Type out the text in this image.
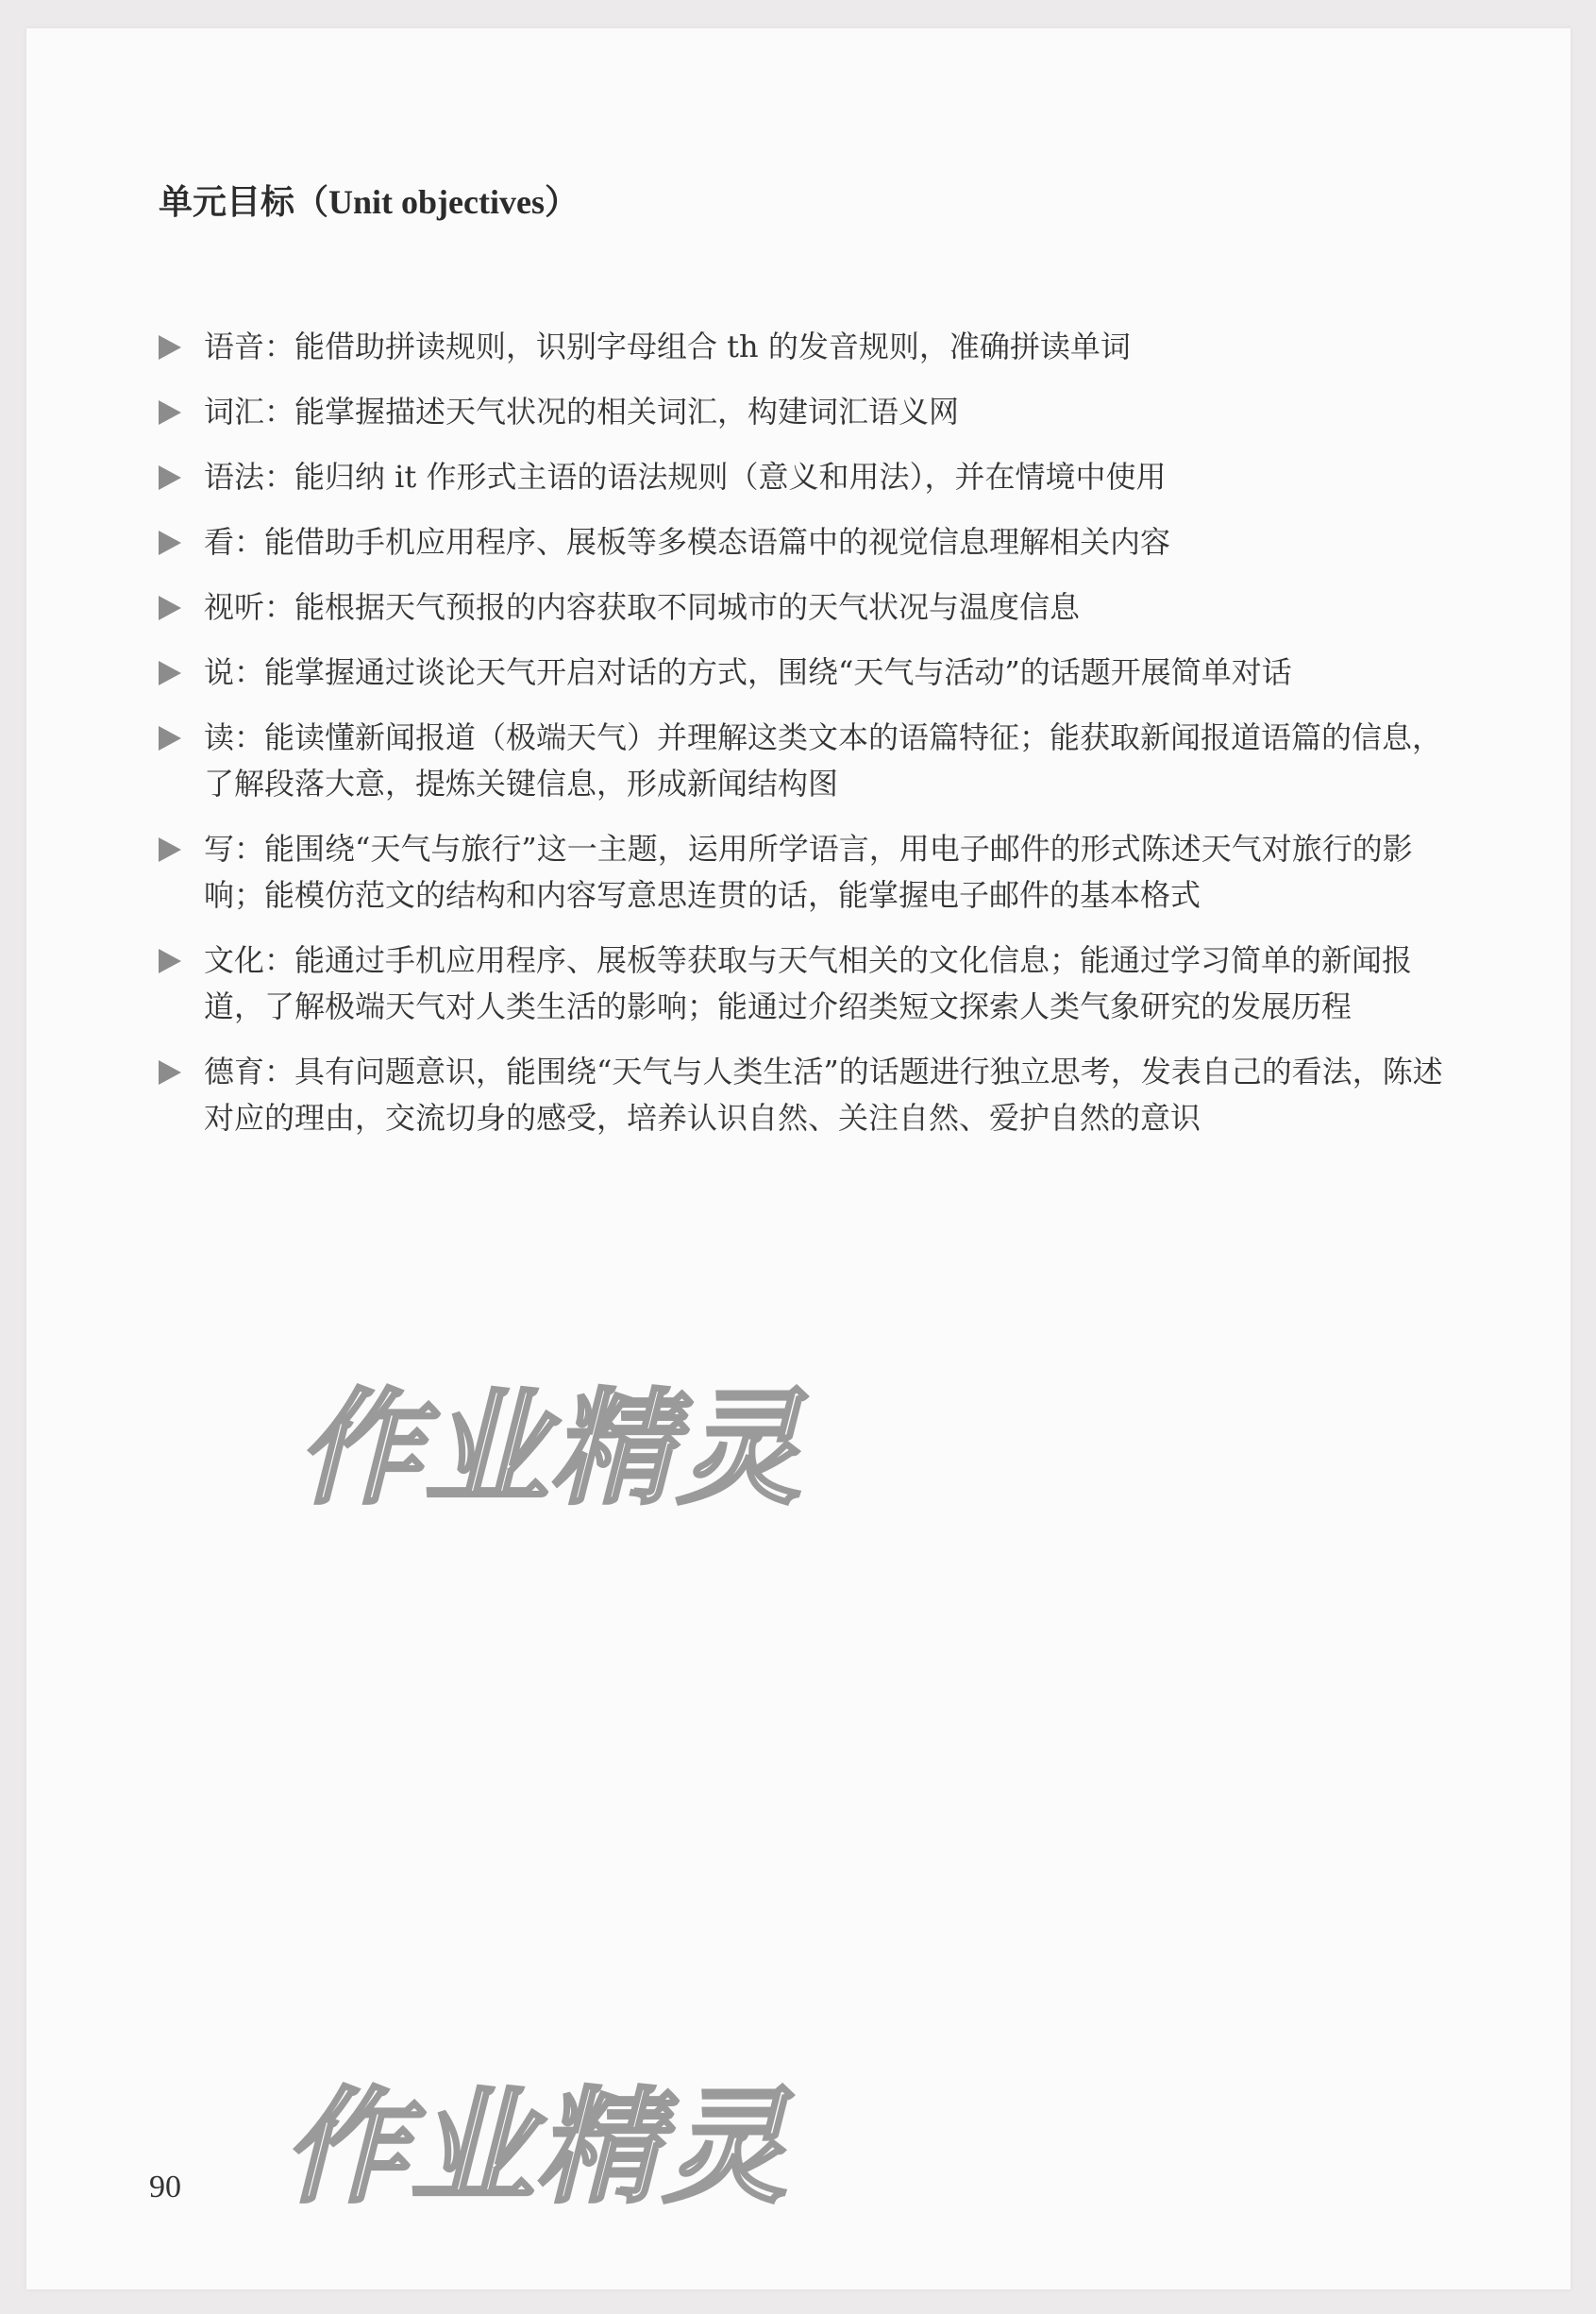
单元目标（Unit objectives）
语音：能借助拼读规则，识别字母组合 th 的发音规则，准确拼读单词
词汇：能掌握描述天气状况的相关词汇，构建词汇语义网
语法：能归纳 it 作形式主语的语法规则（意义和用法），并在情境中使用
看：能借助手机应用程序、展板等多模态语篇中的视觉信息理解相关内容
视听：能根据天气预报的内容获取不同城市的天气状况与温度信息
说：能掌握通过谈论天气开启对话的方式，围绕“天气与活动”的话题开展简单对话
读：能读懂新闻报道（极端天气）并理解这类文本的语篇特征；能获取新闻报道语篇的信息，了解段落大意，提炼关键信息，形成新闻结构图
写：能围绕“天气与旅行”这一主题，运用所学语言，用电子邮件的形式陈述天气对旅行的影响；能模仿范文的结构和内容写意思连贯的话，能掌握电子邮件的基本格式
文化：能通过手机应用程序、展板等获取与天气相关的文化信息；能通过学习简单的新闻报道，了解极端天气对人类生活的影响；能通过介绍类短文探索人类气象研究的发展历程
德育：具有问题意识，能围绕“天气与人类生活”的话题进行独立思考，发表自己的看法，陈述对应的理由，交流切身的感受，培养认识自然、关注自然、爱护自然的意识
作业精灵
作业精灵
90
